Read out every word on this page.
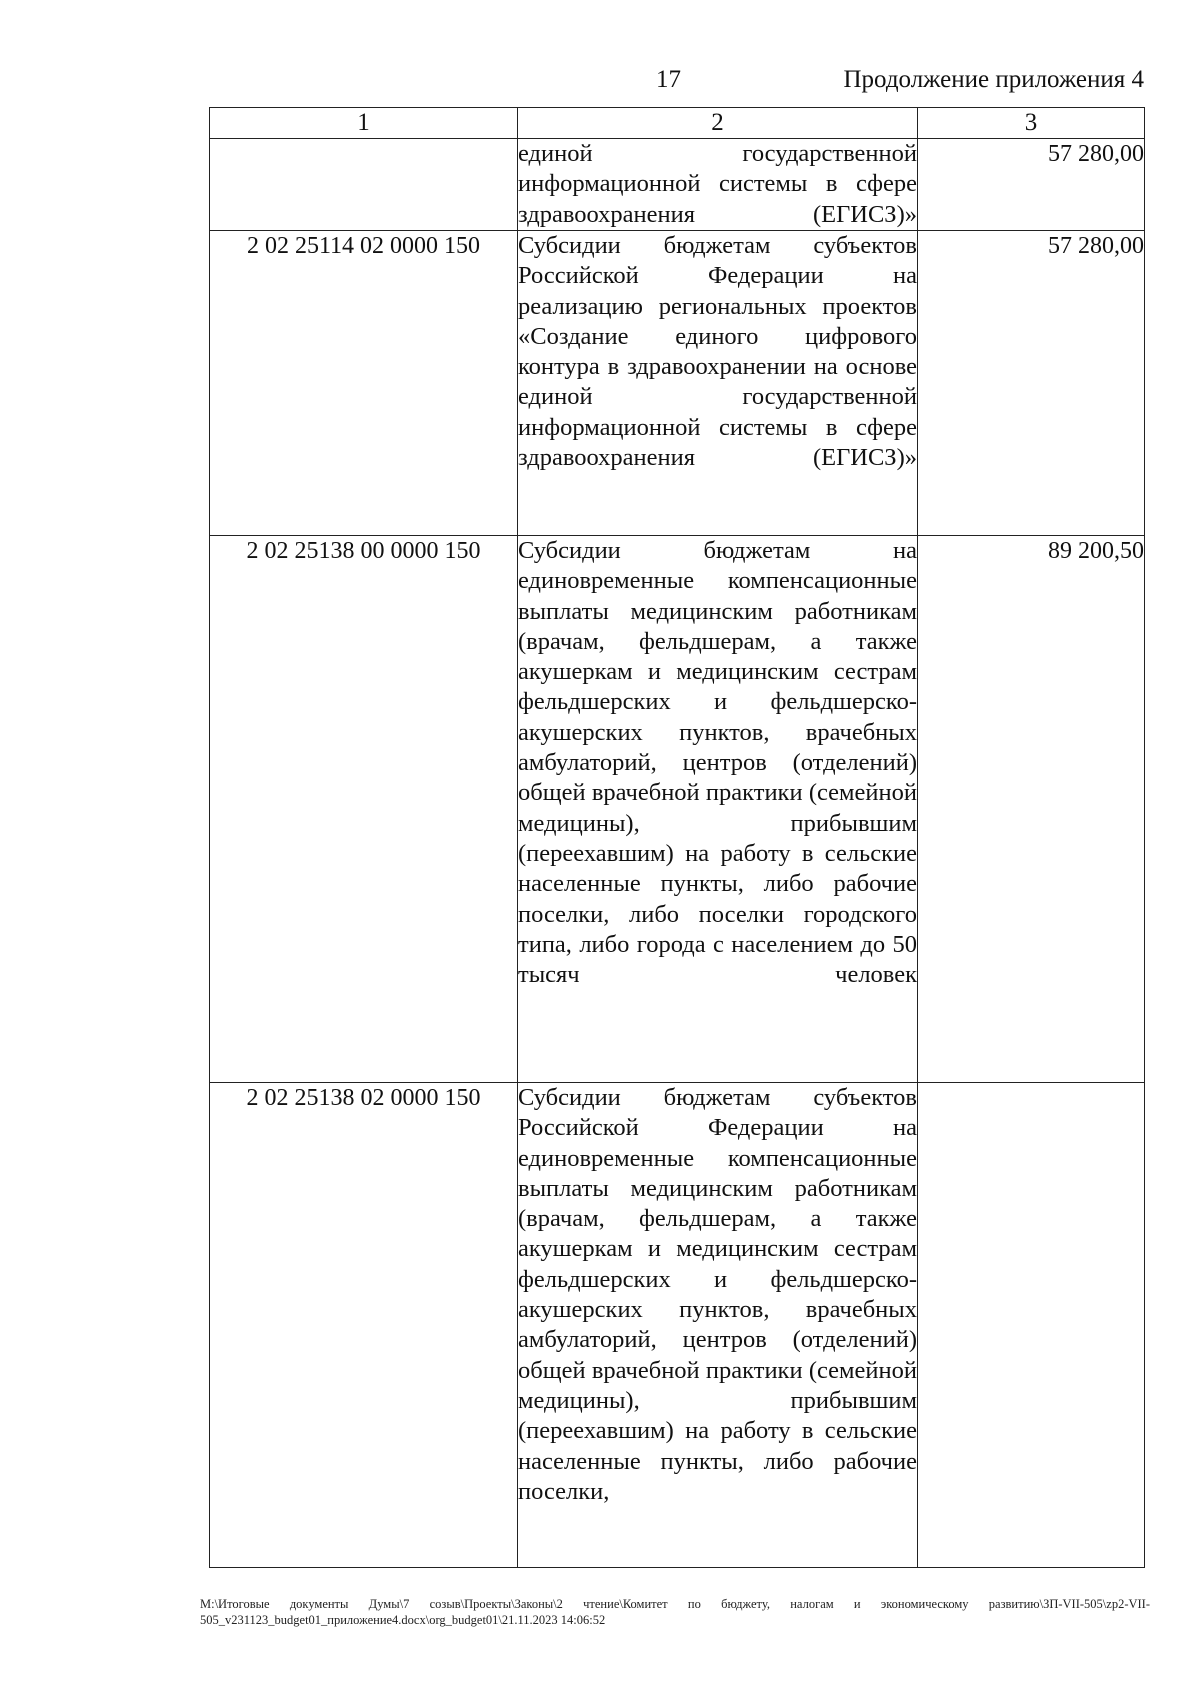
17	Продолжение приложения 4
1	2	3
	единой государственной информационной системы в сфере здравоохранения (ЕГИСЗ)»	57 280,00
2 02 25114 02 0000 150	Субсидии бюджетам субъектов Российской Федерации на реализацию региональных проектов «Создание единого цифрового контура в здравоохранении на основе единой государственной информационной системы в сфере здравоохранения (ЕГИСЗ)»	57 280,00
2 02 25138 00 0000 150	Субсидии бюджетам на единовременные компенсационные выплаты медицинским работникам (врачам, фельдшерам, а также акушеркам и медицинским сестрам фельдшерских и фельдшерско-акушерских пунктов, врачебных амбулаторий, центров (отделений) общей врачебной практики (семейной медицины), прибывшим (переехавшим) на работу в сельские населенные пункты, либо рабочие поселки, либо поселки городского типа, либо города с населением до 50 тысяч человек	89 200,50
2 02 25138 02 0000 150	Субсидии бюджетам субъектов Российской Федерации на единовременные компенсационные выплаты медицинским работникам (врачам, фельдшерам, а также акушеркам и медицинским сестрам фельдшерских и фельдшерско-акушерских пунктов, врачебных амбулаторий, центров (отделений) общей врачебной практики (семейной медицины), прибывшим (переехавшим) на работу в сельские населенные пункты, либо рабочие поселки,	
M:\Итоговые документы Думы\7 созыв\Проекты\Законы\2 чтение\Комитет по бюджету, налогам и экономическому развитию\ЗП-VII-505\zp2-VII-505_v231123_budget01_приложение4.docx\org_budget01\21.11.2023 14:06:52
